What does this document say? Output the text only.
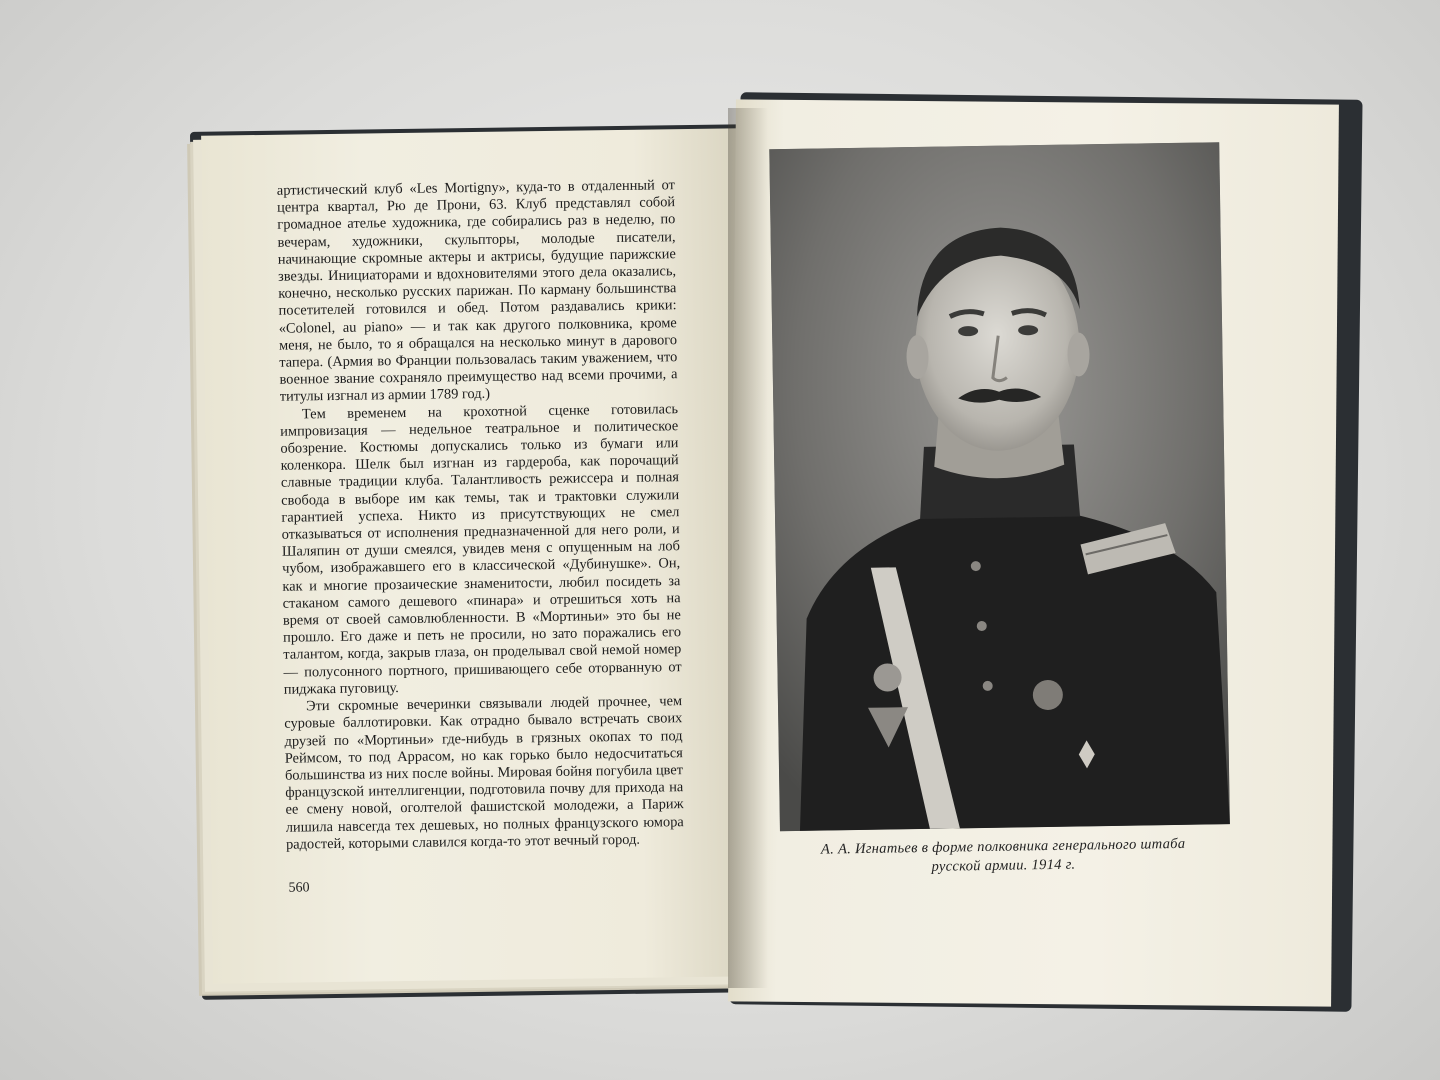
артистический клуб «Les Mortigny», куда-то в отдаленный от центра квартал, Рю де Прони, 63. Клуб представлял собой громадное ателье художника, где собирались раз в неделю, по вечерам, художники, скульпторы, молодые писатели, начинающие скромные актеры и актрисы, будущие парижские звезды. Инициаторами и вдохновителями этого дела оказались, конечно, несколько русских парижан. По карману большинства посетителей готовился и обед. Потом раздавались крики: «Colonel, au piano» — и так как другого полковника, кроме меня, не было, то я обращался на несколько минут в дарового тапера. (Армия во Франции пользовалась таким уважением, что военное звание сохраняло преимущество над всеми прочими, а титулы изгнал из армии 1789 год.)

Тем временем на крохотной сценке готовилась импровизация — недельное театральное и политическое обозрение. Костюмы допускались только из бумаги или коленкора. Шелк был изгнан из гардероба, как порочащий славные традиции клуба. Талантливость режиссера и полная свобода в выборе им как темы, так и трактовки служили гарантией успеха. Никто из присутствующих не смел отказываться от исполнения предназначенной для него роли, и Шаляпин от души смеялся, увидев меня с опущенным на лоб чубом, изображавшего его в классической «Дубинушке». Он, как и многие прозаические знаменитости, любил посидеть за стаканом самого дешевого «пинара» и отрешиться хоть на время от своей самовлюбленности. В «Мортиньи» это бы не прошло. Его даже и петь не просили, но зато поражались его талантом, когда, закрыв глаза, он проделывал свой немой номер — полусонного портного, пришивающего себе оторванную от пиджака пуговицу.

Эти скромные вечеринки связывали людей прочнее, чем суровые баллотировки. Как отрадно бывало встречать своих друзей по «Мортиньи» где-нибудь в грязных окопах то под Реймсом, то под Аррасом, но как горько было недосчитаться большинства из них после войны. Мировая бойня погубила цвет французской интеллигенции, подготовила почву для прихода на ее смену новой, оголтелой фашистской молодежи, а Париж лишила навсегда тех дешевых, но полных французского юмора радостей, которыми славился когда-то этот вечный город.

560
А. А. Игнатьев в форме полковника генерального штаба
русской армии. 1914 г.
